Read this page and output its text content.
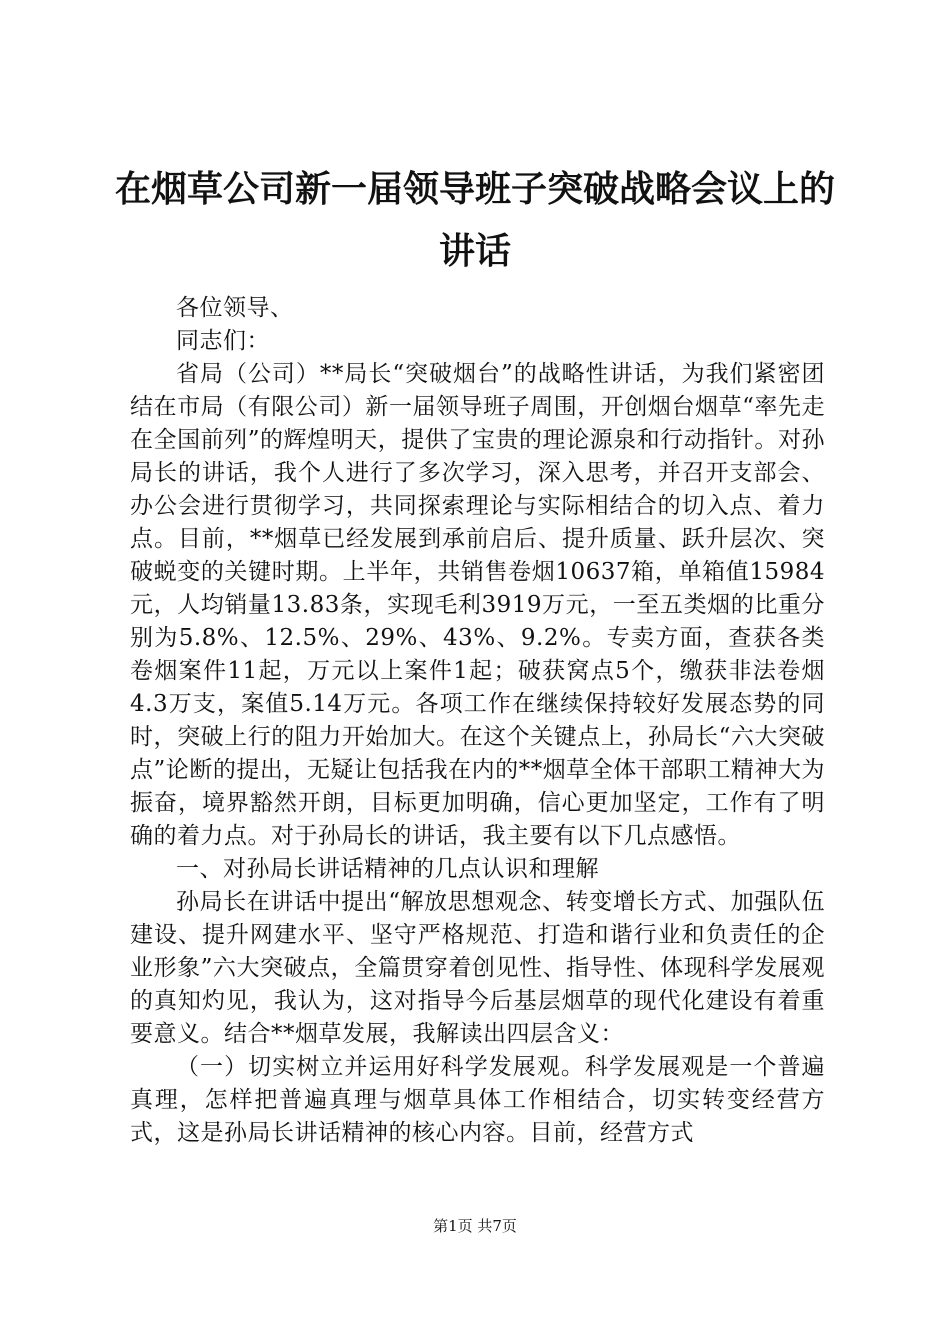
在烟草公司新一届领导班子突破战略会议上的讲话

各位领导、

同志们：

省局（公司）**局长“突破烟台”的战略性讲话，为我们紧密团结在市局（有限公司）新一届领导班子周围，开创烟台烟草“率先走在全国前列”的辉煌明天，提供了宝贵的理论源泉和行动指针。对孙局长的讲话，我个人进行了多次学习，深入思考，并召开支部会、办公会进行贯彻学习，共同探索理论与实际相结合的切入点、着力点。目前，**烟草已经发展到承前启后、提升质量、跃升层次、突破蜕变的关键时期。上半年，共销售卷烟10637箱，单箱值15984元，人均销量13.83条，实现毛利3919万元，一至五类烟的比重分别为5.8%、12.5%、29%、43%、9.2%。专卖方面，查获各类卷烟案件11起，万元以上案件1起；破获窝点5个，缴获非法卷烟4.3万支，案值5.14万元。各项工作在继续保持较好发展态势的同时，突破上行的阻力开始加大。在这个关键点上，孙局长“六大突破点”论断的提出，无疑让包括我在内的**烟草全体干部职工精神大为振奋，境界豁然开朗，目标更加明确，信心更加坚定，工作有了明确的着力点。对于孙局长的讲话，我主要有以下几点感悟。

一、对孙局长讲话精神的几点认识和理解

孙局长在讲话中提出“解放思想观念、转变增长方式、加强队伍建设、提升网建水平、坚守严格规范、打造和谐行业和负责任的企业形象”六大突破点，全篇贯穿着创见性、指导性、体现科学发展观的真知灼见，我认为，这对指导今后基层烟草的现代化建设有着重要意义。结合**烟草发展，我解读出四层含义：

（一）切实树立并运用好科学发展观。科学发展观是一个普遍真理，怎样把普遍真理与烟草具体工作相结合，切实转变经营方式，这是孙局长讲话精神的核心内容。目前，经营方式

第1页 共7页
